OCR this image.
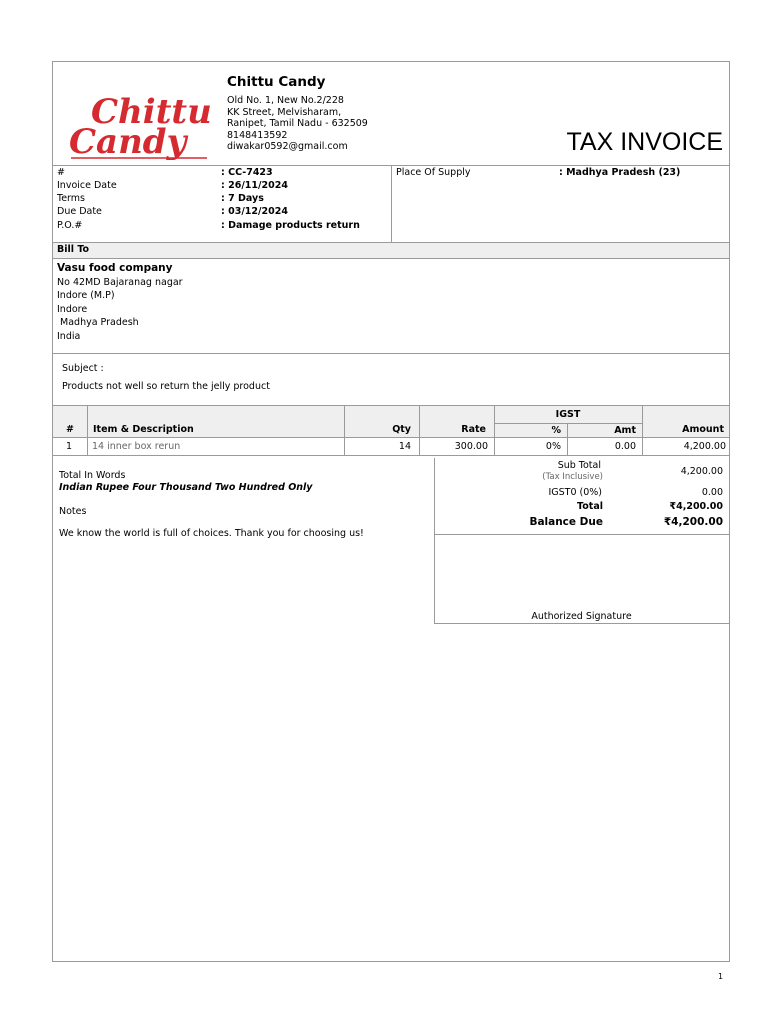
Chittu
Candy
Chittu Candy
Old No. 1, New No.2/228
KK Street, Melvisharam,
Ranipet, Tamil Nadu - 632509
8148413592
diwakar0592@gmail.com	TAX INVOICE
#	: CC-7423
Invoice Date	: 26/11/2024
Terms	: 7 Days
Due Date	: 03/12/2024
P.O.#	: Damage products return
Place Of Supply	: Madhya Pradesh (23)
Bill To
Vasu food company
No 42MD Bajaranag nagar
Indore (M.P)
Indore
Madhya Pradesh
India
Subject :
Products not well so return the jelly product
# Item & Description	Qty	Rate
IGST
%	Amt	Amount
1 14 inner box rerun	14	300.00	0%	0.00	4,200.00
Total In Words
Indian Rupee Four Thousand Two Hundred Only
Notes
We know the world is full of choices. Thank you for choosing us!
Sub Total
(Tax Inclusive)	4,200.00
IGST0 (0%)	0.00
Total	₹4,200.00
Balance Due	₹4,200.00
Authorized Signature
1
